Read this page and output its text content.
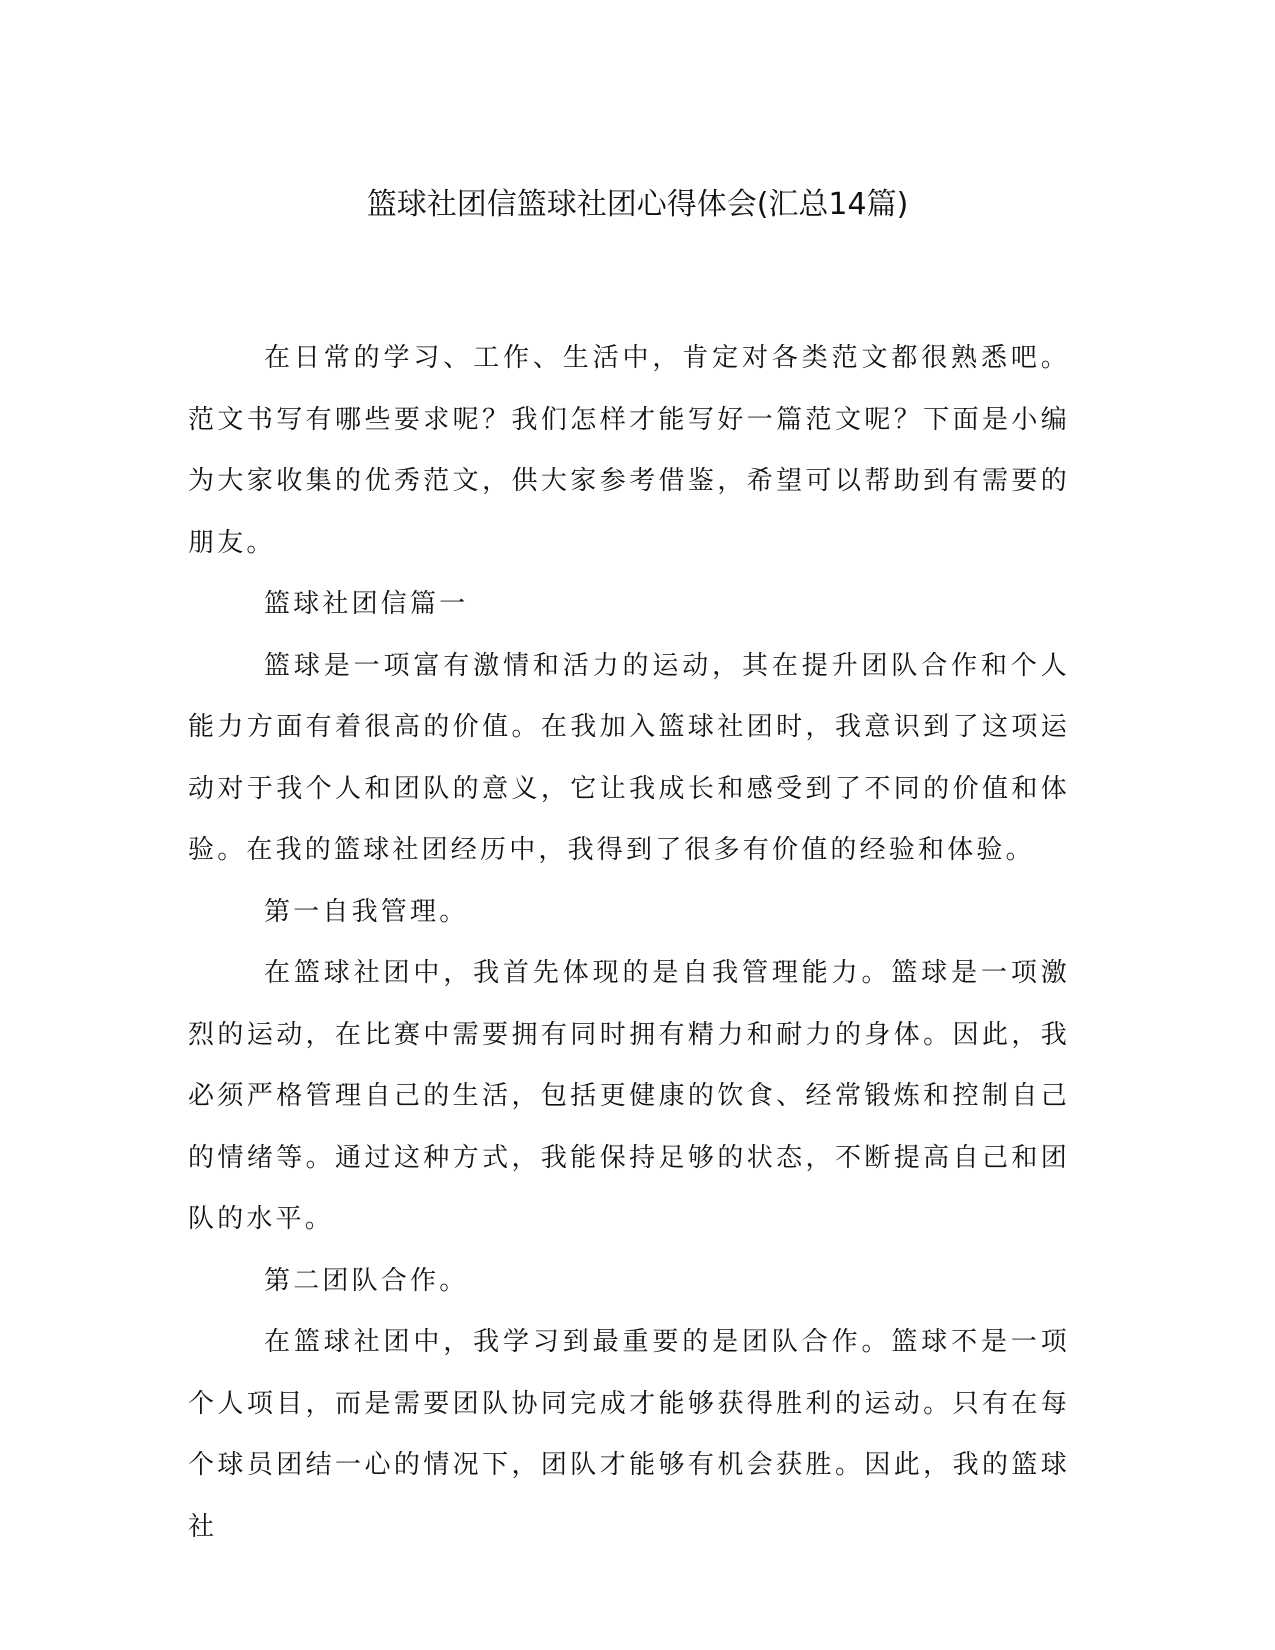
篮球社团信篮球社团心得体会(汇总14篇)

在日常的学习、工作、生活中，肯定对各类范文都很熟悉吧。范文书写有哪些要求呢？我们怎样才能写好一篇范文呢？下面是小编为大家收集的优秀范文，供大家参考借鉴，希望可以帮助到有需要的朋友。

篮球社团信篇一

篮球是一项富有激情和活力的运动，其在提升团队合作和个人能力方面有着很高的价值。在我加入篮球社团时，我意识到了这项运动对于我个人和团队的意义，它让我成长和感受到了不同的价值和体验。在我的篮球社团经历中，我得到了很多有价值的经验和体验。

第一自我管理。

在篮球社团中，我首先体现的是自我管理能力。篮球是一项激烈的运动，在比赛中需要拥有同时拥有精力和耐力的身体。因此，我必须严格管理自己的生活，包括更健康的饮食、经常锻炼和控制自己的情绪等。通过这种方式，我能保持足够的状态，不断提高自己和团队的水平。

第二团队合作。

在篮球社团中，我学习到最重要的是团队合作。篮球不是一项个人项目，而是需要团队协同完成才能够获得胜利的运动。只有在每个球员团结一心的情况下，团队才能够有机会获胜。因此，我的篮球社
